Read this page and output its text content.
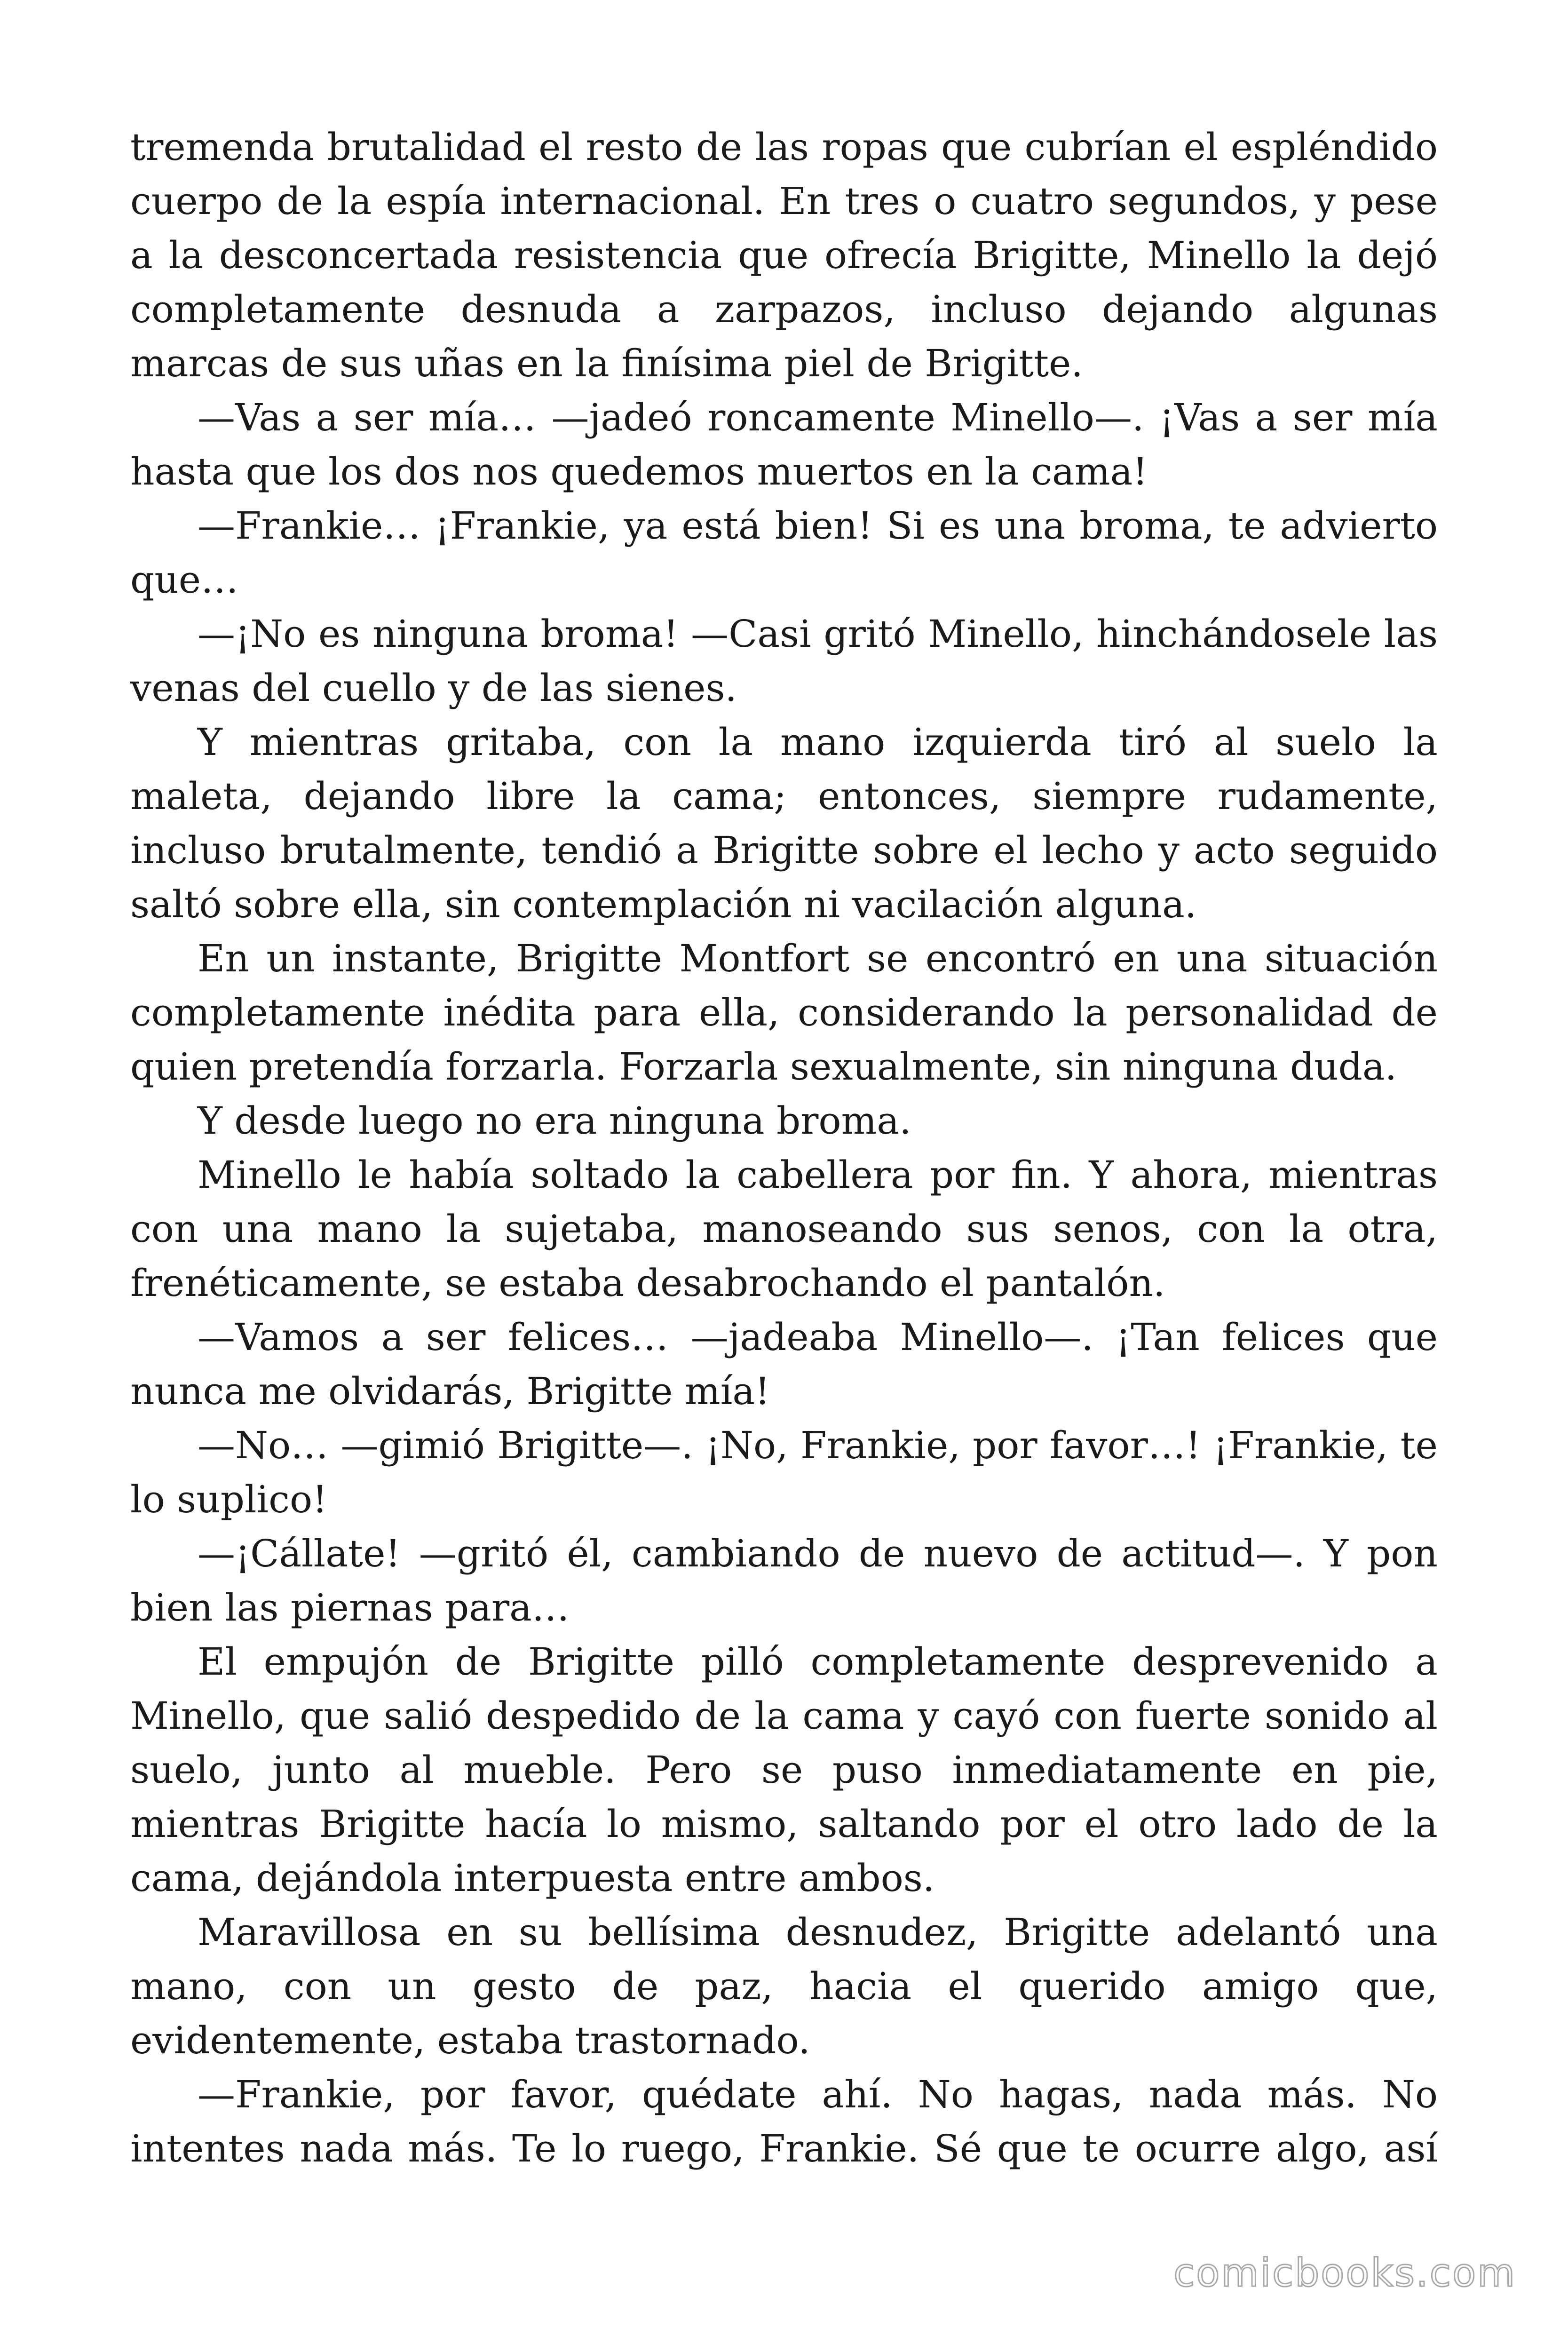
tremenda brutalidad el resto de las ropas que cubrían el espléndido cuerpo de la espía internacional. En tres o cuatro segundos, y pese a la desconcertada resistencia que ofrecía Brigitte, Minello la dejó completamente desnuda a zarpazos, incluso dejando algunas marcas de sus uñas en la finísima piel de Brigitte.

—Vas a ser mía… —jadeó roncamente Minello—. ¡Vas a ser mía hasta que los dos nos quedemos muertos en la cama!

—Frankie… ¡Frankie, ya está bien! Si es una broma, te advierto que…

—¡No es ninguna broma! —Casi gritó Minello, hinchándosele las venas del cuello y de las sienes.

Y mientras gritaba, con la mano izquierda tiró al suelo la maleta, dejando libre la cama; entonces, siempre rudamente, incluso brutalmente, tendió a Brigitte sobre el lecho y acto seguido saltó sobre ella, sin contemplación ni vacilación alguna.

En un instante, Brigitte Montfort se encontró en una situación completamente inédita para ella, considerando la personalidad de quien pretendía forzarla. Forzarla sexualmente, sin ninguna duda.

Y desde luego no era ninguna broma.

Minello le había soltado la cabellera por fin. Y ahora, mientras con una mano la sujetaba, manoseando sus senos, con la otra, frenéticamente, se estaba desabrochando el pantalón.

—Vamos a ser felices… —jadeaba Minello—. ¡Tan felices que nunca me olvidarás, Brigitte mía!

—No… —gimió Brigitte—. ¡No, Frankie, por favor…! ¡Frankie, te lo suplico!

—¡Cállate! —gritó él, cambiando de nuevo de actitud—. Y pon bien las piernas para…

El empujón de Brigitte pilló completamente desprevenido a Minello, que salió despedido de la cama y cayó con fuerte sonido al suelo, junto al mueble. Pero se puso inmediatamente en pie, mientras Brigitte hacía lo mismo, saltando por el otro lado de la cama, dejándola interpuesta entre ambos.

Maravillosa en su bellísima desnudez, Brigitte adelantó una mano, con un gesto de paz, hacia el querido amigo que, evidentemente, estaba trastornado.

—Frankie, por favor, quédate ahí. No hagas, nada más. No intentes nada más. Te lo ruego, Frankie. Sé que te ocurre algo, así

comicbooks.com
